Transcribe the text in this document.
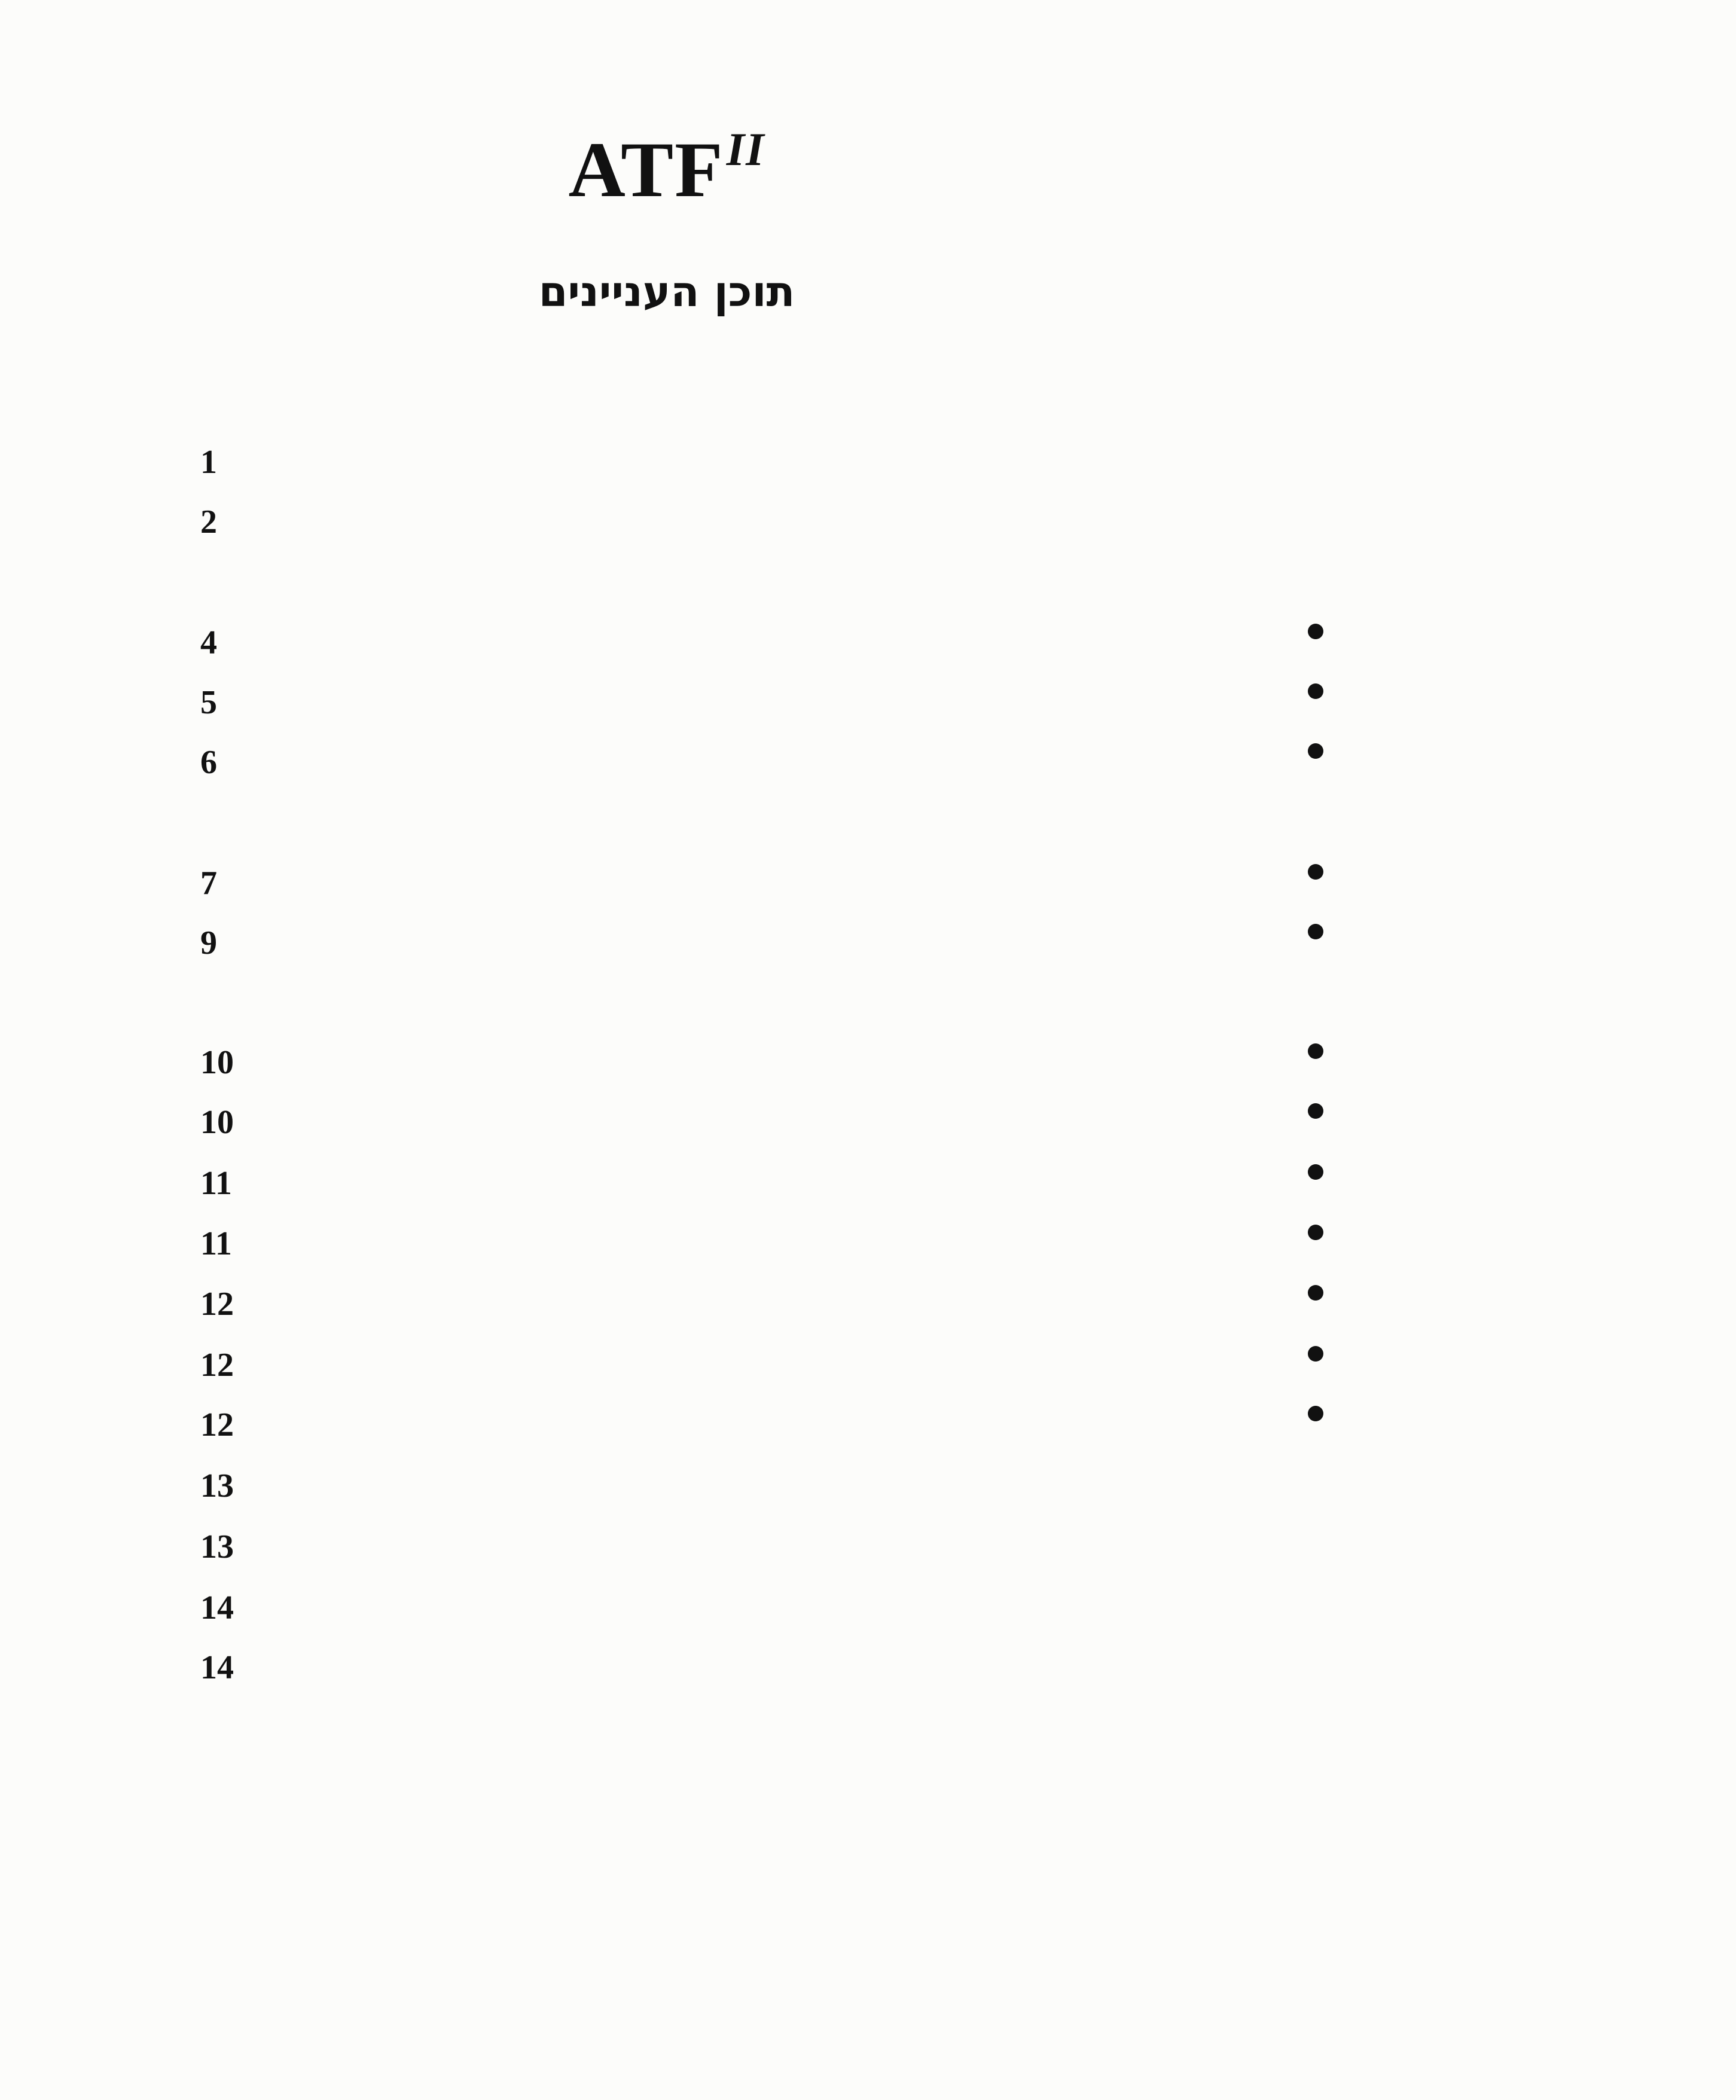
$ATF^{II}$
תוכן העניינים
1
2
4
5
6
7
9
10
10
11
11
12
12
12
13
13
14
14
